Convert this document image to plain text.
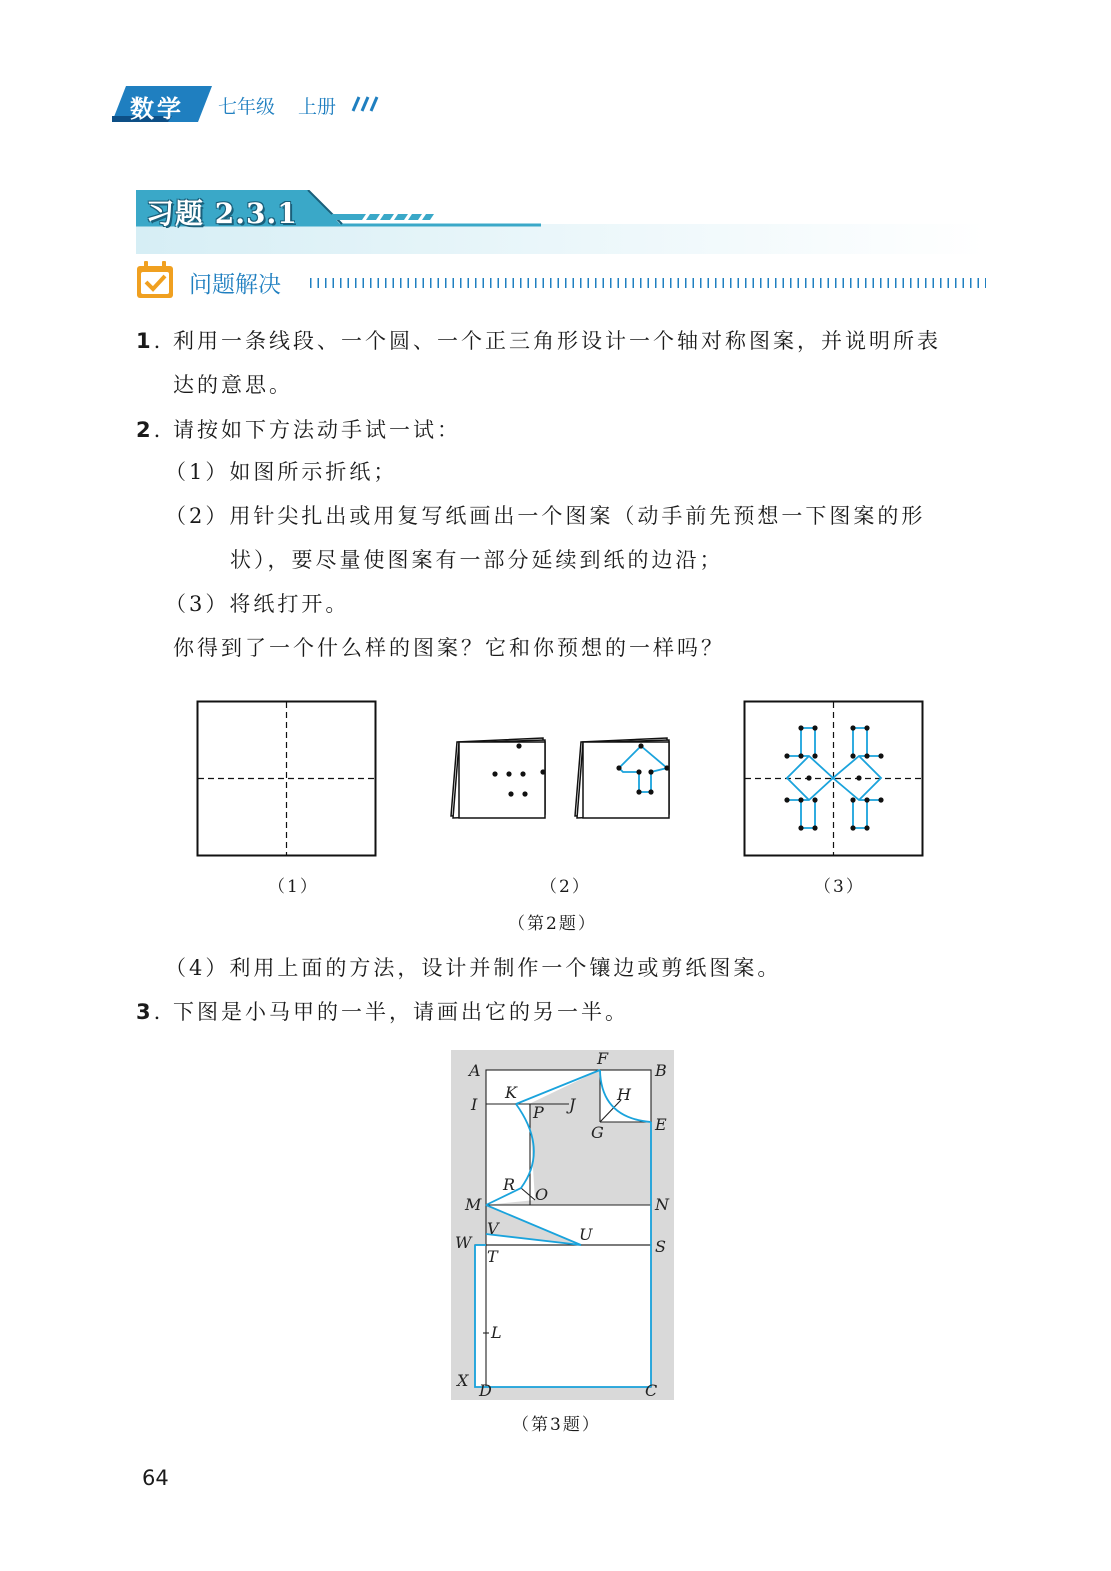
数学 七年级 上册
习题 2.3.1
问题解决
1. 利用一条线段、一个圆、一个正三角形设计一个轴对称图案，并说明所表
达的意思。
2. 请按如下方法动手试一试：
（1）如图所示折纸；
（2）用针尖扎出或用复写纸画出一个图案（动手前先预想一下图案的形
状），要尽量使图案有一部分延续到纸的边沿；
（3）将纸打开。
你得到了一个什么样的图案？它和你预想的一样吗？
（1）	（2）	（3）
（第2题）
（4）利用上面的方法，设计并制作一个镶边或剪纸图案。
3. 下图是小马甲的一半，请画出它的另一半。
A	B
F
K
I	J
P
H
E
G
R
O
M	N
V
W	U
S
T
L
X
D	C
（第3题）
64
